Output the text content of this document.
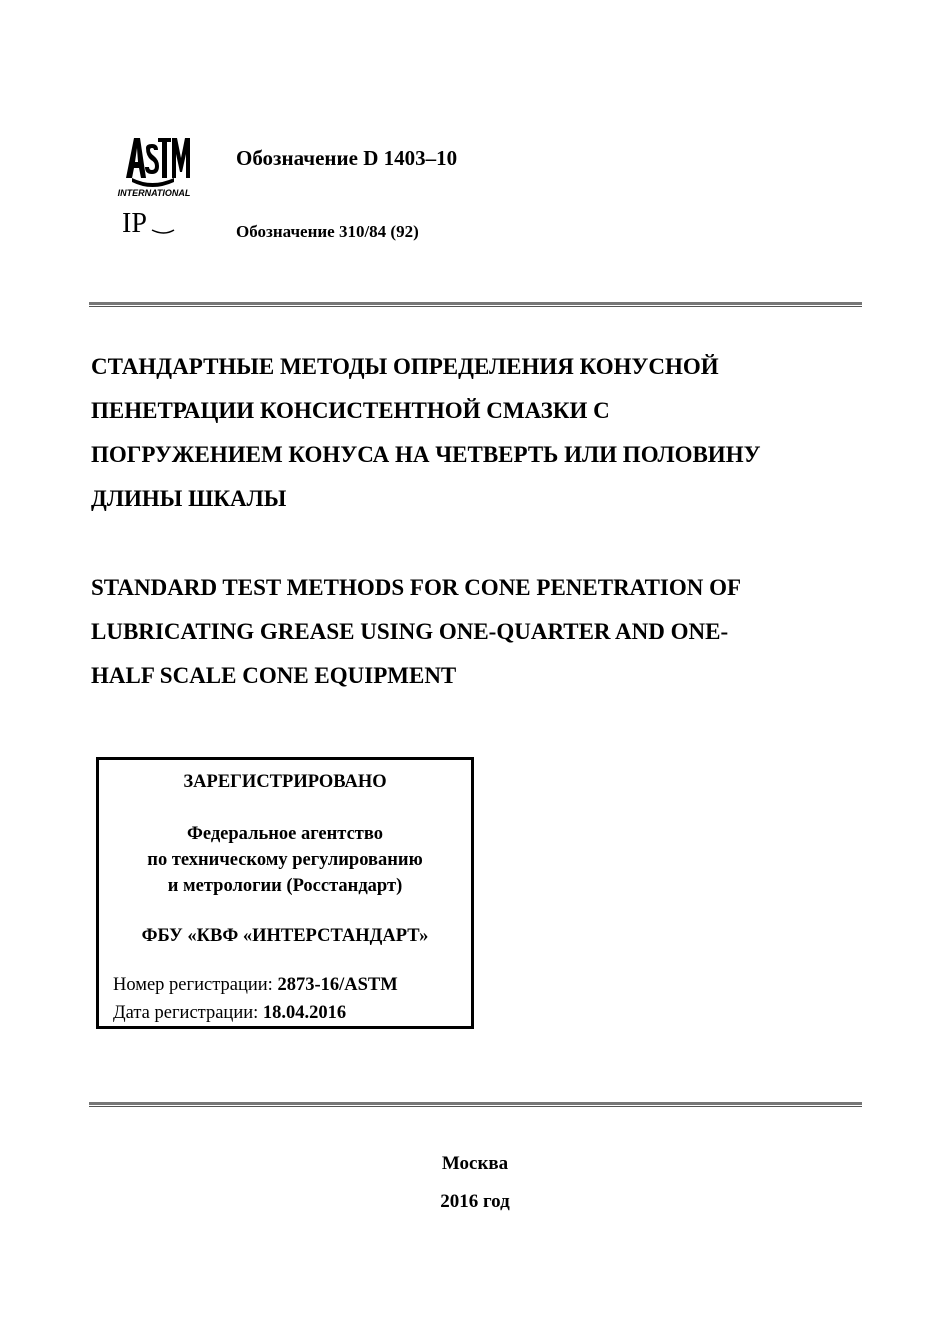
INTERNATIONAL
IP
Обозначение D 1403–10
Обозначение 310/84 (92)
СТАНДАРТНЫЕ МЕТОДЫ ОПРЕДЕЛЕНИЯ КОНУСНОЙ
ПЕНЕТРАЦИИ КОНСИСТЕНТНОЙ СМАЗКИ С
ПОГРУЖЕНИЕМ КОНУСА НА ЧЕТВЕРТЬ ИЛИ ПОЛОВИНУ
ДЛИНЫ ШКАЛЫ
STANDARD TEST METHODS FOR CONE PENETRATION OF
LUBRICATING GREASE USING ONE-QUARTER AND ONE-
HALF SCALE CONE EQUIPMENT
ЗАРЕГИСТРИРОВАНО
Федеральное агентство
по техническому регулированию
и метрологии (Росстандарт)
ФБУ «КВФ «ИНТЕРСТАНДАРТ»
Номер регистрации: 2873-16/ASTM
Дата регистрации: 18.04.2016
Москва
2016 год
